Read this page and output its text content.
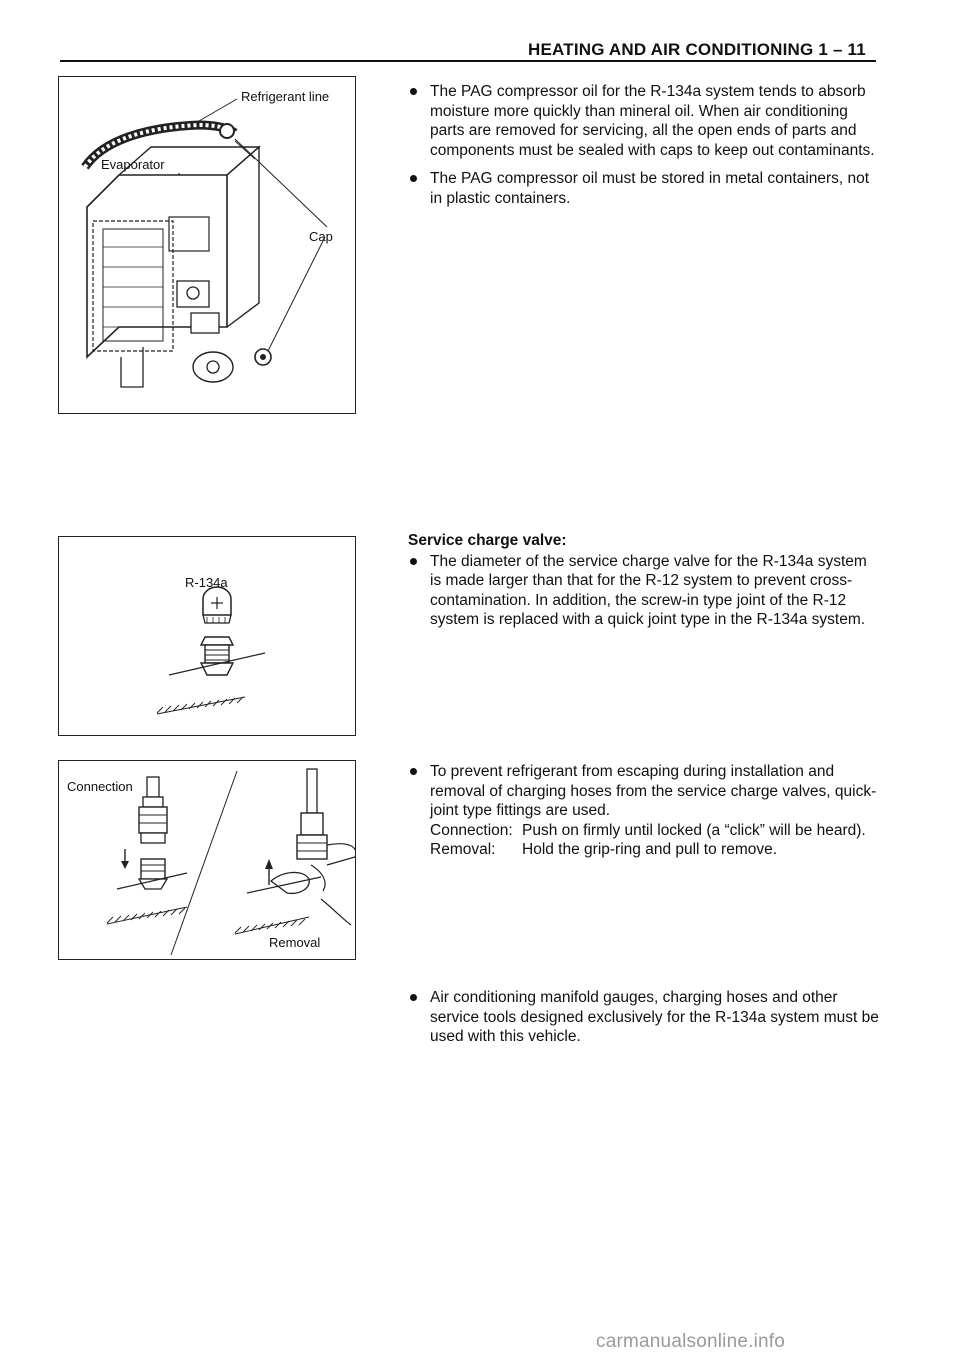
HEATING AND AIR CONDITIONING 1 – 11
Refrigerant line
Evaporator
Cap
R-134a
Connection
Removal
The PAG compressor oil for the R-134a system tends to absorb moisture more quickly than mineral oil. When air conditioning parts are removed for servicing, all the open ends of parts and components must be sealed with caps to keep out contaminants.
The PAG compressor oil must be stored in metal containers, not in plastic containers.
Service charge valve:
The diameter of the service charge valve for the R-134a system is made larger than that for the R-12 system to prevent cross-contamination. In addition, the screw-in type joint of the R-12 system is replaced with a quick joint type in the R-134a system.
To prevent refrigerant from escaping during installation and removal of charging hoses from the service charge valves, quick-joint type fittings are used.
Connection: Push on firmly until locked (a “click” will be heard).
Removal:	Hold the grip-ring and pull to remove.
Air conditioning manifold gauges, charging hoses and other service tools designed exclusively for the R-134a system must be used with this vehicle.
carmanualsonline.info
